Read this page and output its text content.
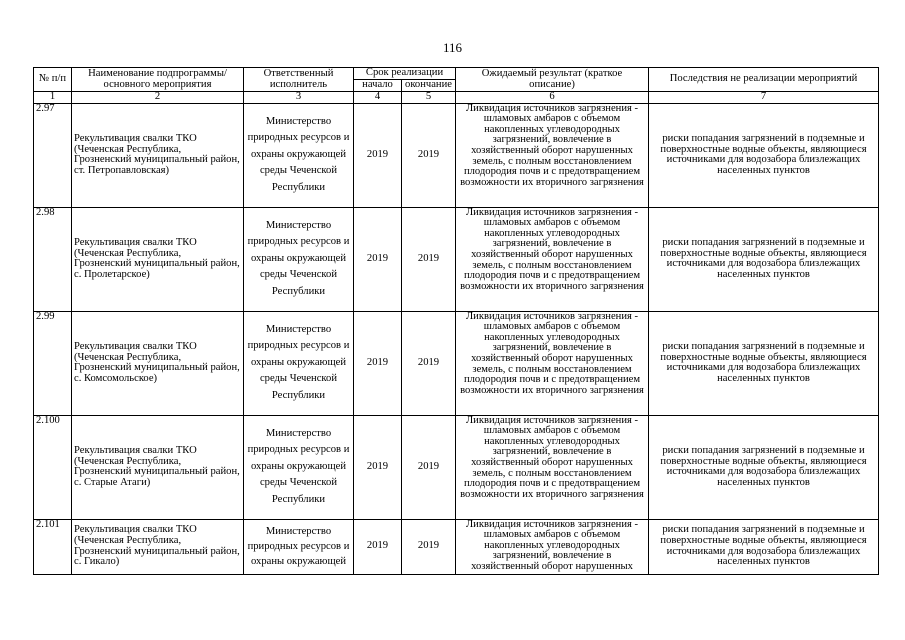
116
№ п/п	Наименование подпрограммы/ основного мероприятия	Ответственный исполнитель	Срок реализации		Ожидаемый результат (краткое описание)	Последствия не реализации мероприятий
			начало	окончание		
1	2	3	4	5	6	7
2.97	Рекультивация свалки ТКО (Чеченская Республика, Грозненский муниципальный район, ст. Петропавловская)	Министерство природных ресурсов и охраны окружающей среды Чеченской Республики	2019	2019	Ликвидация источников загрязнения - шламовых амбаров с объемом накопленных углеводородных загрязнений, вовлечение в хозяйственный оборот нарушенных земель, с полным восстановлением плодородия почв и с предотвращением возможности их вторичного загрязнения	риски попадания загрязнений в подземные и поверхностные водные объекты, являющиеся источниками для водозабора близлежащих населенных пунктов
2.98	Рекультивация свалки ТКО (Чеченская Республика, Грозненский муниципальный район, с. Пролетарское)	Министерство природных ресурсов и охраны окружающей среды Чеченской Республики	2019	2019	Ликвидация источников загрязнения - шламовых амбаров с объемом накопленных углеводородных загрязнений, вовлечение в хозяйственный оборот нарушенных земель, с полным восстановлением плодородия почв и с предотвращением возможности их вторичного загрязнения	риски попадания загрязнений в подземные и поверхностные водные объекты, являющиеся источниками для водозабора близлежащих населенных пунктов
2.99	Рекультивация свалки ТКО (Чеченская Республика, Грозненский муниципальный район, с. Комсомольское)	Министерство природных ресурсов и охраны окружающей среды Чеченской Республики	2019	2019	Ликвидация источников загрязнения - шламовых амбаров с объемом накопленных углеводородных загрязнений, вовлечение в хозяйственный оборот нарушенных земель, с полным восстановлением плодородия почв и с предотвращением возможности их вторичного загрязнения	риски попадания загрязнений в подземные и поверхностные водные объекты, являющиеся источниками для водозабора близлежащих населенных пунктов
2.100	Рекультивация свалки ТКО (Чеченская Республика, Грозненский муниципальный район, с. Старые Атаги)	Министерство природных ресурсов и охраны окружающей среды Чеченской Республики	2019	2019	Ликвидация источников загрязнения - шламовых амбаров с объемом накопленных углеводородных загрязнений, вовлечение в хозяйственный оборот нарушенных земель, с полным восстановлением плодородия почв и с предотвращением возможности их вторичного загрязнения	риски попадания загрязнений в подземные и поверхностные водные объекты, являющиеся источниками для водозабора близлежащих населенных пунктов
2.101	Рекультивация свалки ТКО (Чеченская Республика, Грозненский муниципальный район, с. Гикало)	Министерство природных ресурсов и охраны окружающей	2019	2019	Ликвидация источников загрязнения - шламовых амбаров с объемом накопленных углеводородных загрязнений, вовлечение в хозяйственный оборот нарушенных	риски попадания загрязнений в подземные и поверхностные водные объекты, являющиеся источниками для водозабора близлежащих населенных пунктов
